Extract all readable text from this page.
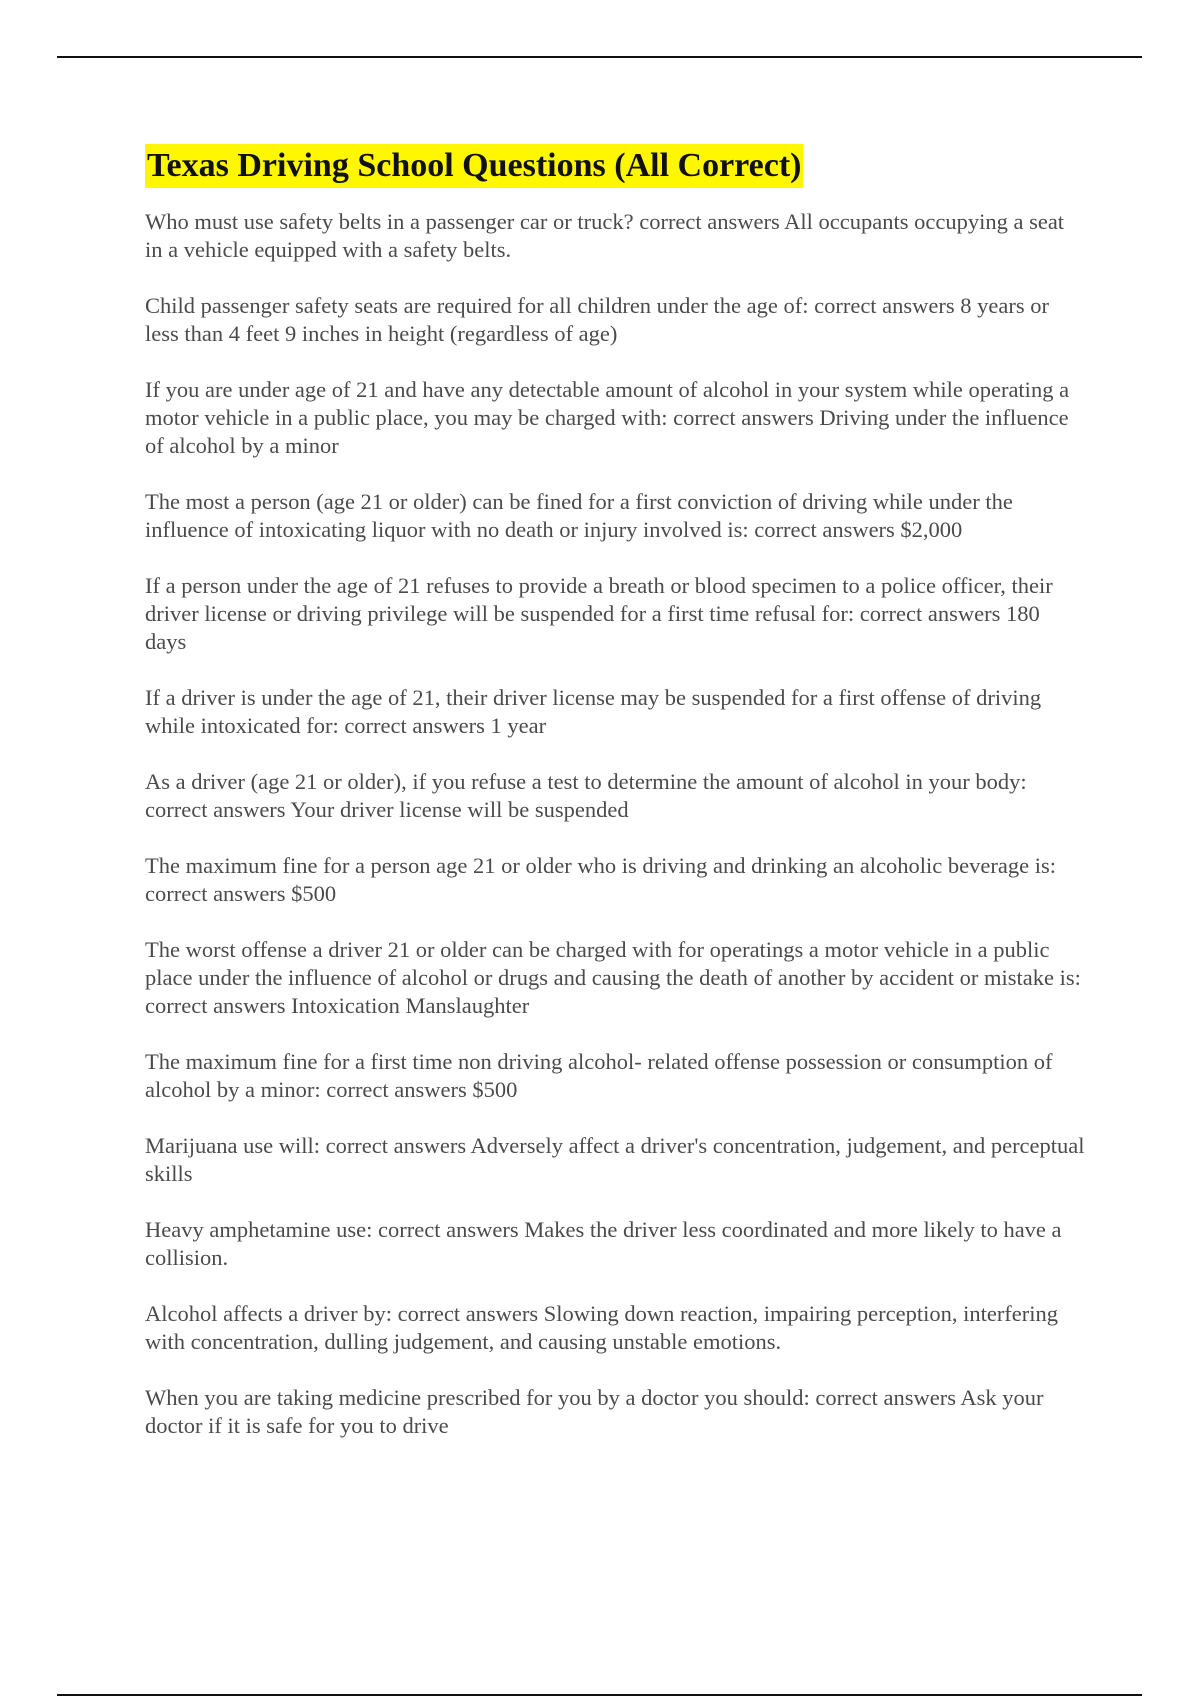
Texas Driving School Questions (All Correct)
Who must use safety belts in a passenger car or truck? correct answers All occupants occupying a seat in a vehicle equipped with a safety belts.
Child passenger safety seats are required for all children under the age of: correct answers 8 years or less than 4 feet 9 inches in height (regardless of age)
If you are under age of 21 and have any detectable amount of alcohol in your system while operating a motor vehicle in a public place, you may be charged with: correct answers Driving under the influence of alcohol by a minor
The most a person (age 21 or older) can be fined for a first conviction of driving while under the influence of intoxicating liquor with no death or injury involved is: correct answers $2,000
If a person under the age of 21 refuses to provide a breath or blood specimen to a police officer, their driver license or driving privilege will be suspended for a first time refusal for: correct answers 180 days
If a driver is under the age of 21, their driver license may be suspended for a first offense of driving while intoxicated for: correct answers 1 year
As a driver (age 21 or older), if you refuse a test to determine the amount of alcohol in your body: correct answers Your driver license will be suspended
The maximum fine for a person age 21 or older who is driving and drinking an alcoholic beverage is: correct answers $500
The worst offense a driver 21 or older can be charged with for operatings a motor vehicle in a public place under the influence of alcohol or drugs and causing the death of another by accident or mistake is: correct answers Intoxication Manslaughter
The maximum fine for a first time non driving alcohol- related offense possession or consumption of alcohol by a minor: correct answers $500
Marijuana use will: correct answers Adversely affect a driver's concentration, judgement, and perceptual skills
Heavy amphetamine use: correct answers Makes the driver less coordinated and more likely to have a collision.
Alcohol affects a driver by: correct answers Slowing down reaction, impairing perception, interfering with concentration, dulling judgement, and causing unstable emotions.
When you are taking medicine prescribed for you by a doctor you should: correct answers Ask your doctor if it is safe for you to drive
